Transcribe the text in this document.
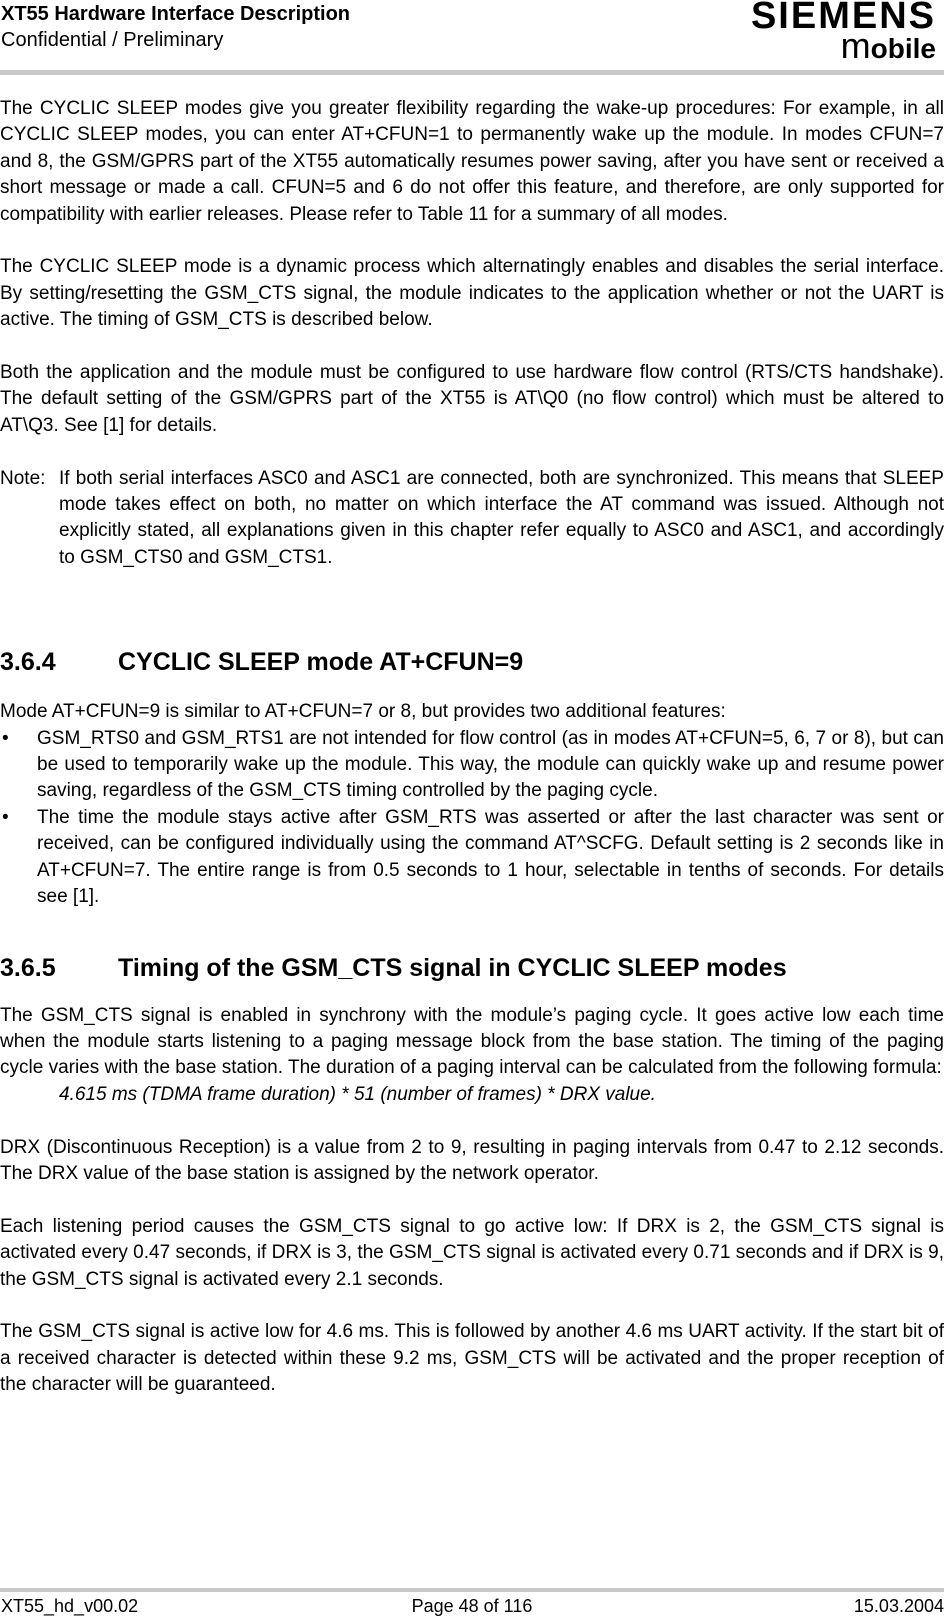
XT55 Hardware Interface Description
Confidential / Preliminary
SIEMENS
mobile
The CYCLIC SLEEP modes give you greater flexibility regarding the wake-up procedures: For example, in all CYCLIC SLEEP modes, you can enter AT+CFUN=1 to permanently wake up the module. In modes CFUN=7 and 8, the GSM/GPRS part of the XT55 automatically resumes power saving, after you have sent or received a short message or made a call. CFUN=5 and 6 do not offer this feature, and therefore, are only supported for compatibility with earlier releases. Please refer to Table 11 for a summary of all modes.
The CYCLIC SLEEP mode is a dynamic process which alternatingly enables and disables the serial interface. By setting/resetting the GSM_CTS signal, the module indicates to the application whether or not the UART is active. The timing of GSM_CTS is described below.
Both the application and the module must be configured to use hardware flow control (RTS/CTS handshake). The default setting of the GSM/GPRS part of the XT55 is AT\Q0 (no flow control) which must be altered to AT\Q3. See [1] for details.
Note: If both serial interfaces ASC0 and ASC1 are connected, both are synchronized. This means that SLEEP mode takes effect on both, no matter on which interface the AT command was issued. Although not explicitly stated, all explanations given in this chapter refer equally to ASC0 and ASC1, and accordingly to GSM_CTS0 and GSM_CTS1.
3.6.4	CYCLIC SLEEP mode AT+CFUN=9
Mode AT+CFUN=9 is similar to AT+CFUN=7 or 8, but provides two additional features:
•	GSM_RTS0 and GSM_RTS1 are not intended for flow control (as in modes AT+CFUN=5, 6, 7 or 8), but can be used to temporarily wake up the module. This way, the module can quickly wake up and resume power saving, regardless of the GSM_CTS timing controlled by the paging cycle.
•	The time the module stays active after GSM_RTS was asserted or after the last character was sent or received, can be configured individually using the command AT^SCFG. Default setting is 2 seconds like in AT+CFUN=7. The entire range is from 0.5 seconds to 1 hour, selectable in tenths of seconds. For details see [1].
3.6.5	Timing of the GSM_CTS signal in CYCLIC SLEEP modes
The GSM_CTS signal is enabled in synchrony with the module’s paging cycle. It goes active low each time when the module starts listening to a paging message block from the base station. The timing of the paging cycle varies with the base station. The duration of a paging interval can be calculated from the following formula:
4.615 ms (TDMA frame duration) * 51 (number of frames) * DRX value.
DRX (Discontinuous Reception) is a value from 2 to 9, resulting in paging intervals from 0.47 to 2.12 seconds. The DRX value of the base station is assigned by the network operator.
Each listening period causes the GSM_CTS signal to go active low: If DRX is 2, the GSM_CTS signal is activated every 0.47 seconds, if DRX is 3, the GSM_CTS signal is activated every 0.71 seconds and if DRX is 9, the GSM_CTS signal is activated every 2.1 seconds.
The GSM_CTS signal is active low for 4.6 ms. This is followed by another 4.6 ms UART activity. If the start bit of a received character is detected within these 9.2 ms, GSM_CTS will be activated and the proper reception of the character will be guaranteed.
XT55_hd_v00.02	Page 48 of 116	15.03.2004
